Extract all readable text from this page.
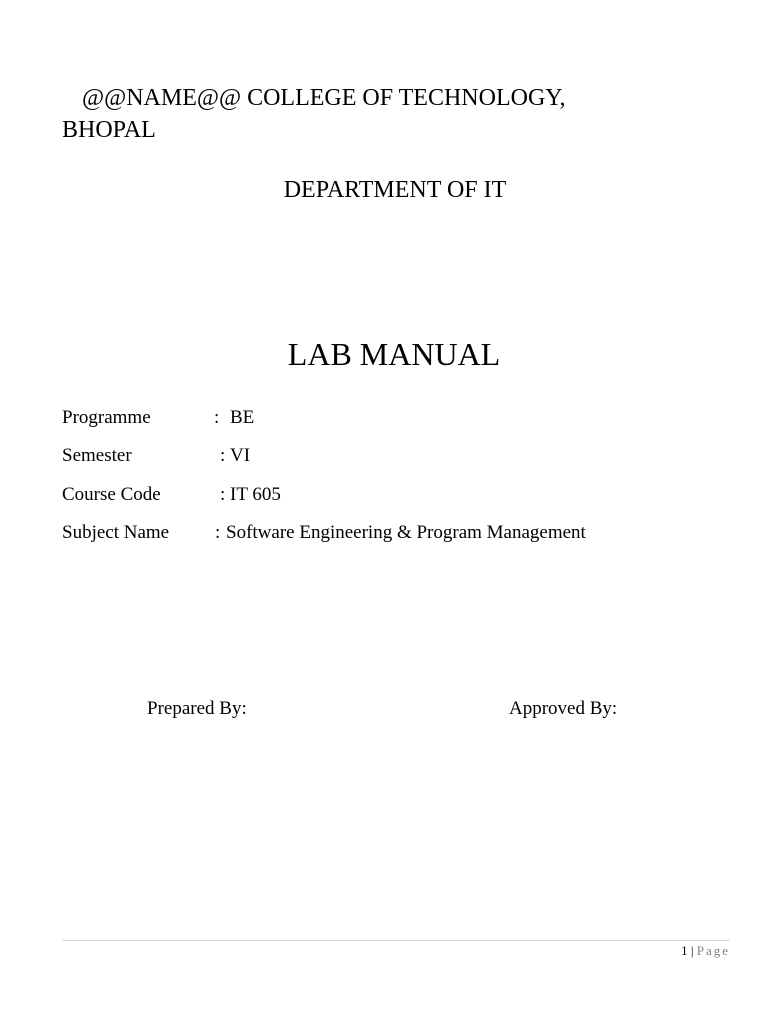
@@NAME@@ COLLEGE OF TECHNOLOGY, BHOPAL
DEPARTMENT OF IT
LAB MANUAL
Programme	: BE
Semester	: VI
Course Code	: IT 605
Subject Name : Software Engineering & Program Management
Prepared By:	Approved By:
1 | Page
